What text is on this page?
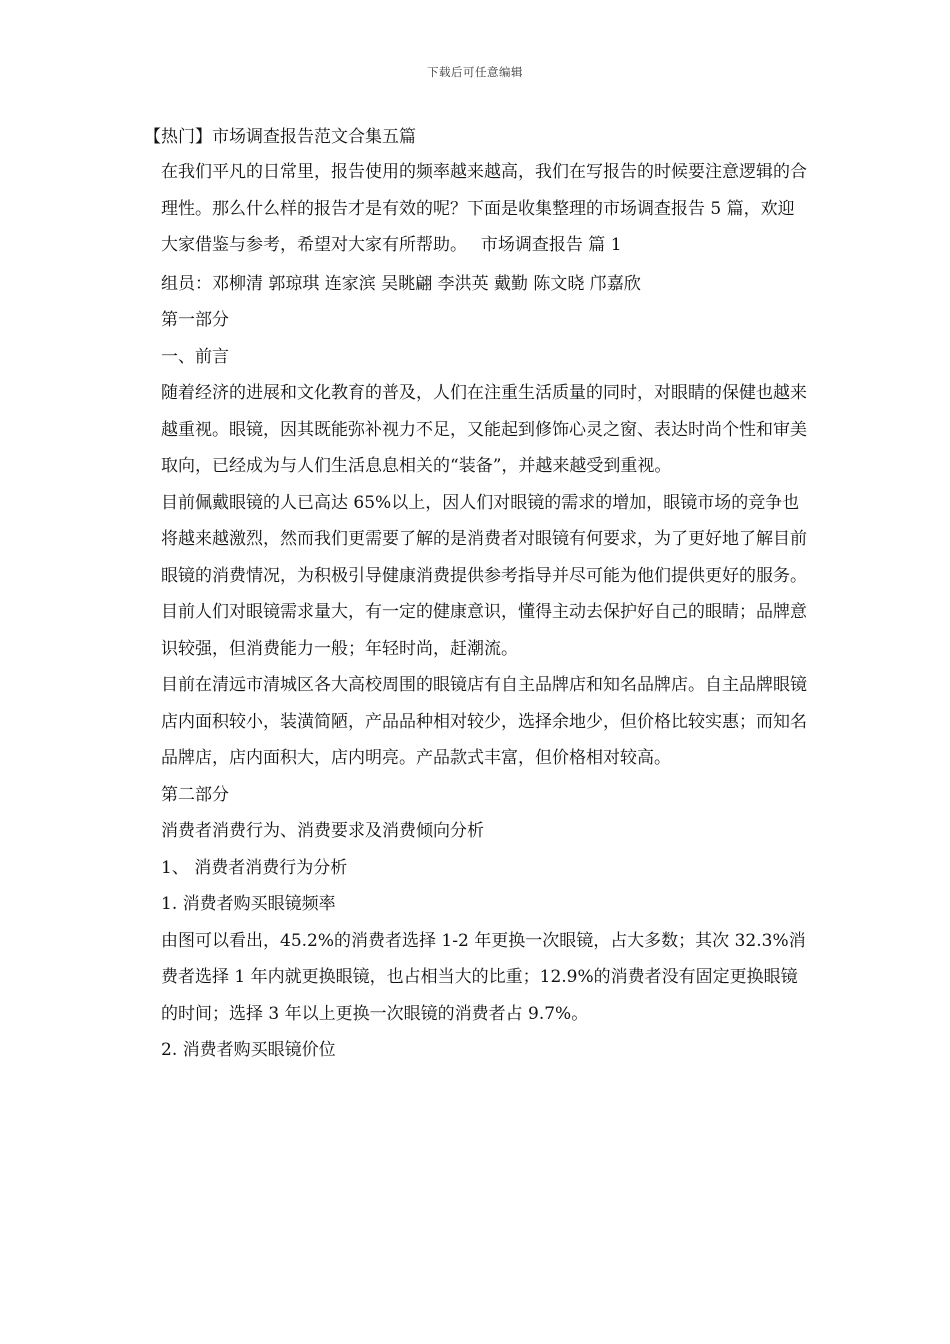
下载后可任意编辑

【热门】市场调查报告范文合集五篇

在我们平凡的日常里，报告使用的频率越来越高，我们在写报告的时候要注意逻辑的合理性。那么什么样的报告才是有效的呢？下面是收集整理的市场调查报告 5 篇，欢迎大家借鉴与参考，希望对大家有所帮助。　 市场调查报告 篇 1

组员：邓柳清 郭琼琪 连家滨 吴眺翩 李洪英 戴勤 陈文晓 邝嘉欣

第一部分

一、前言

随着经济的进展和文化教育的普及，人们在注重生活质量的同时，对眼睛的保健也越来越重视。眼镜，因其既能弥补视力不足，又能起到修饰心灵之窗、表达时尚个性和审美取向，已经成为与人们生活息息相关的“装备”，并越来越受到重视。

目前佩戴眼镜的人已高达 65%以上，因人们对眼镜的需求的增加，眼镜市场的竞争也将越来越激烈，然而我们更需要了解的是消费者对眼镜有何要求，为了更好地了解目前眼镜的消费情况，为积极引导健康消费提供参考指导并尽可能为他们提供更好的服务。

目前人们对眼镜需求量大，有一定的健康意识，懂得主动去保护好自己的眼睛；品牌意识较强，但消费能力一般；年轻时尚，赶潮流。

目前在清远市清城区各大高校周围的眼镜店有自主品牌店和知名品牌店。自主品牌眼镜店内面积较小，装潢简陋，产品品种相对较少，选择余地少，但价格比较实惠；而知名品牌店，店内面积大，店内明亮。产品款式丰富，但价格相对较高。

第二部分

消费者消费行为、消费要求及消费倾向分析

1、 消费者消费行为分析

1. 消费者购买眼镜频率

由图可以看出，45.2%的消费者选择 1-2 年更换一次眼镜，占大多数；其次 32.3%消费者选择 1 年内就更换眼镜，也占相当大的比重；12.9%的消费者没有固定更换眼镜的时间；选择 3 年以上更换一次眼镜的消费者占 9.7%。

2. 消费者购买眼镜价位
